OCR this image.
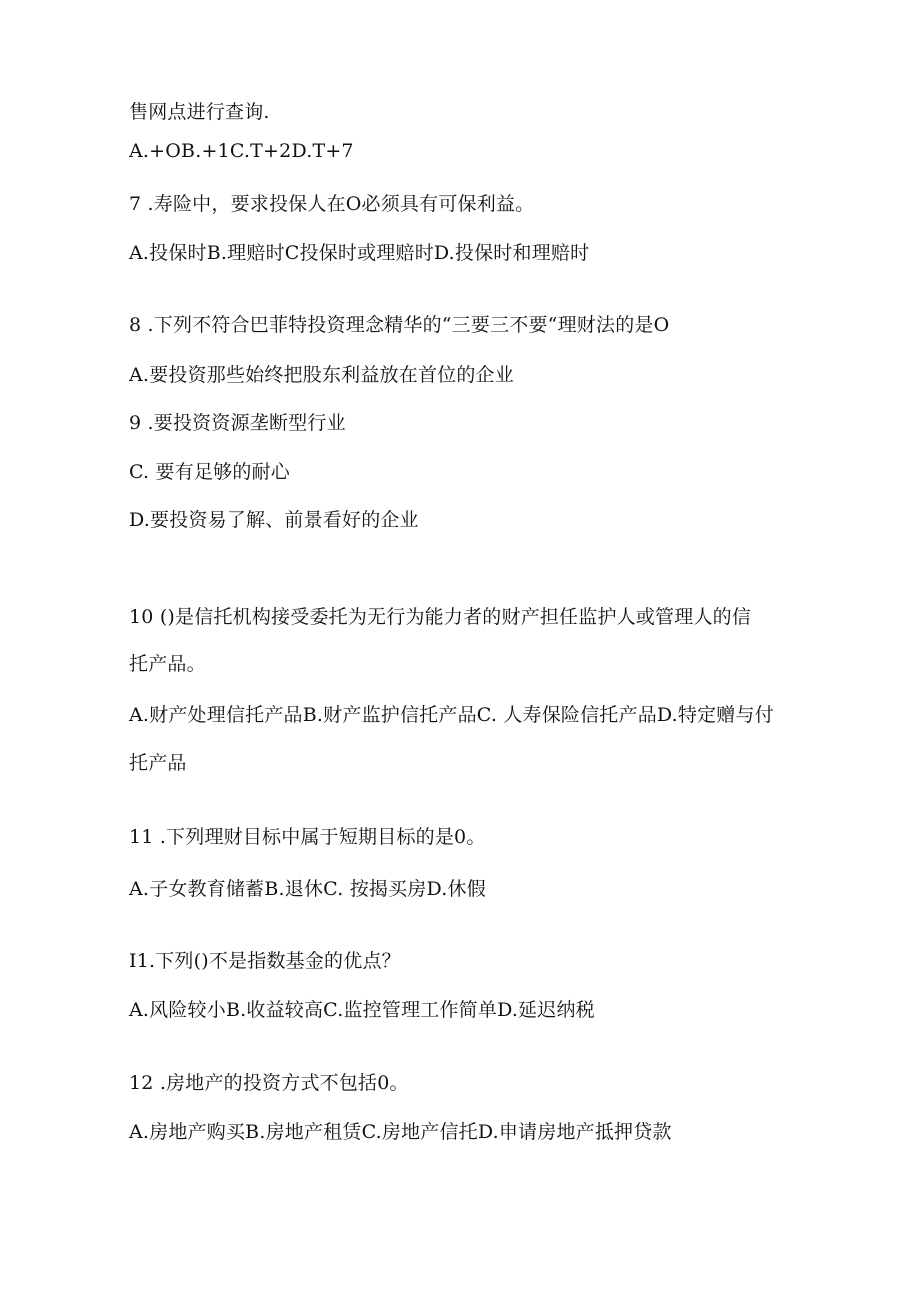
售网点进行查询.
A.+OB.+1C.T+2D.T+7
7 .寿险中，要求投保人在O必须具有可保利益。
A.投保时B.理赔时C投保时或理赔时D.投保时和理赔时
8 .下列不符合巴菲特投资理念精华的“三要三不要“理财法的是O
A.要投资那些始终把股东利益放在首位的企业
9 .要投资资源垄断型行业
C. 要有足够的耐心
D.要投资易了解、前景看好的企业
10 ()是信托机构接受委托为无行为能力者的财产担任监护人或管理人的信
托产品。
A.财产处理信托产品B.财产监护信托产品C. 人寿保险信托产品D.特定赠与付
托产品
11 .下列理财目标中属于短期目标的是0。
A.子女教育储蓄B.退休C. 按揭买房D.休假
I1.下列()不是指数基金的优点？
A.风险较小B.收益较高C.监控管理工作简单D.延迟纳税
12 .房地产的投资方式不包括0。
A.房地产购买B.房地产租赁C.房地产信托D.申请房地产抵押贷款
